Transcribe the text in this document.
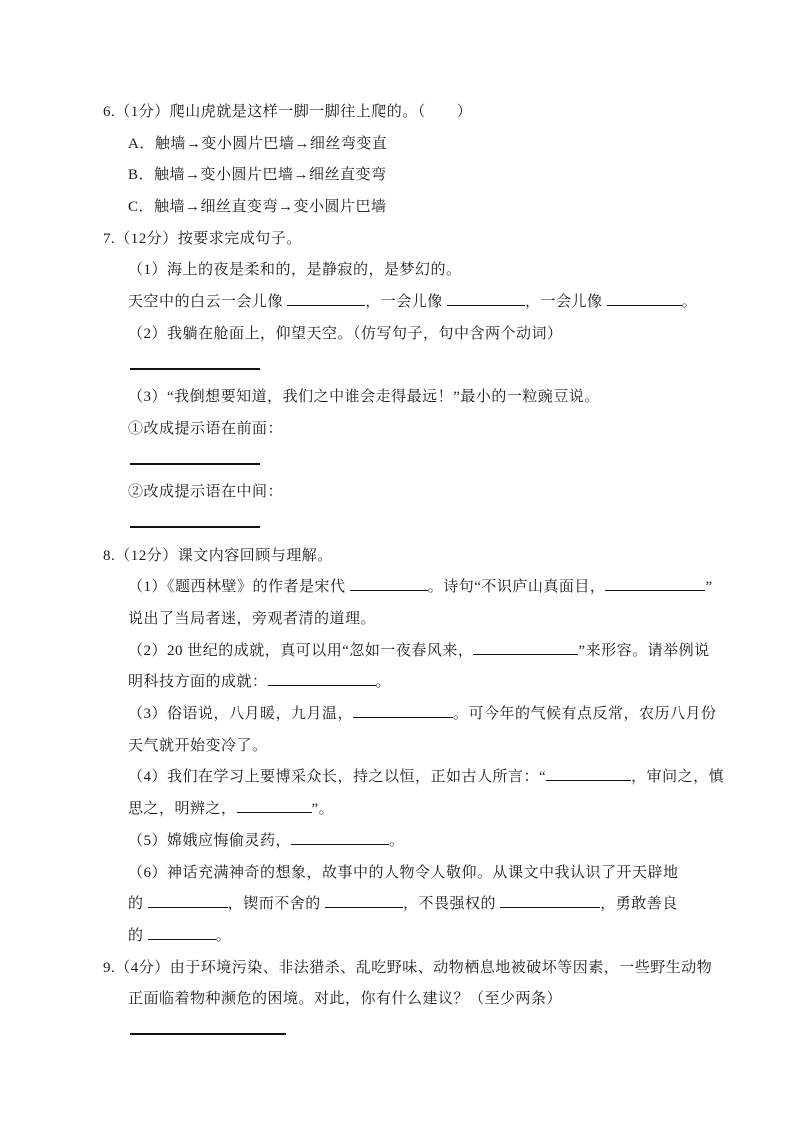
6.（1分）爬山虎就是这样一脚一脚往上爬的。（　　）
A．触墙→变小圆片巴墙→细丝弯变直
B．触墙→变小圆片巴墙→细丝直变弯
C．触墙→细丝直变弯→变小圆片巴墙
7.（12分）按要求完成句子。
（1）海上的夜是柔和的，是静寂的，是梦幻的。
天空中的白云一会儿像	，一会儿像	，一会儿像	。
（2）我躺在舱面上，仰望天空。（仿写句子，句中含两个动词）
（3）“我倒想要知道，我们之中谁会走得最远！”最小的一粒豌豆说。
①改成提示语在前面：
②改成提示语在中间：
8.（12分）课文内容回顾与理解。
（1）《题西林壁》的作者是宋代	。诗句“不识庐山真面目，	”
说出了当局者迷，旁观者清的道理。
（2）20 世纪的成就，真可以用“忽如一夜春风来，	”来形容。请举例说
明科技方面的成就：	。
（3）俗语说，八月暖，九月温，	。可今年的气候有点反常，农历八月份
天气就开始变冷了。
（4）我们在学习上要博采众长，持之以恒，正如古人所言：“	，审问之，慎
思之，明辨之，	”。
（5）嫦娥应悔偷灵药，	。
（6）神话充满神奇的想象，故事中的人物令人敬仰。从课文中我认识了开天辟地
的	，锲而不舍的	，不畏强权的	，勇敢善良
的	。
9.（4分）由于环境污染、非法猎杀、乱吃野味、动物栖息地被破坏等因素，一些野生动物
正面临着物种濒危的困境。对此，你有什么建议？（至少两条）
